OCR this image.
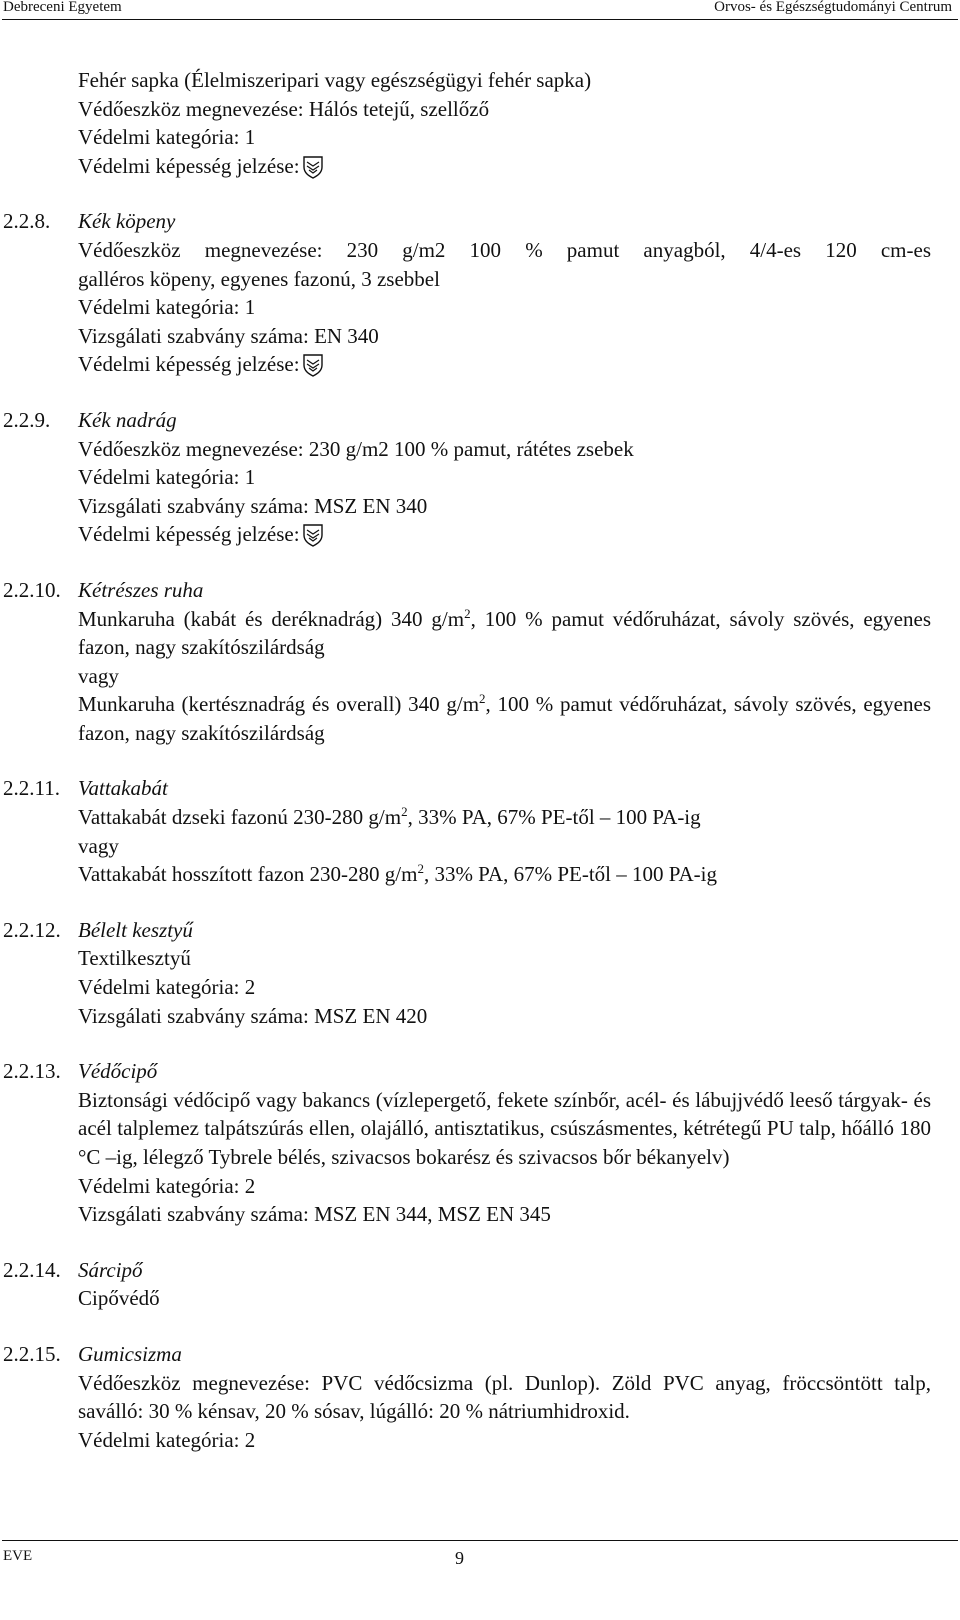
Debreceni Egyetem	Orvos- és Egészségtudományi Centrum
Fehér sapka (Élelmiszeripari vagy egészségügyi fehér sapka)
Védőeszköz megnevezése: Hálós tetejű, szellőző
Védelmi kategória: 1
Védelmi képesség jelzése:
2.2.8.	Kék köpeny
Védőeszköz megnevezése: 230 g/m2 100 % pamut anyagból, 4/4-es 120 cm-es
galléros köpeny, egyenes fazonú, 3 zsebbel
Védelmi kategória: 1
Vizsgálati szabvány száma: EN 340
Védelmi képesség jelzése:
2.2.9.	Kék nadrág
Védőeszköz megnevezése: 230 g/m2 100 % pamut, rátétes zsebek
Védelmi kategória: 1
Vizsgálati szabvány száma: MSZ EN 340
Védelmi képesség jelzése:
2.2.10. Kétrészes ruha
Munkaruha (kabát és deréknadrág) 340 $g/m^2$, 100 % pamut védőruházat, sávoly szövés, egyenes fazon, nagy szakítószilárdság
vagy
Munkaruha (kertésznadrág és overall) 340 $g/m^2$, 100 % pamut védőruházat, sávoly szövés, egyenes fazon, nagy szakítószilárdság
2.2.11. Vattakabát
Vattakabát dzseki fazonú 230-280 $g/m^2$, 33% PA, 67% PE-től – 100 PA-ig
vagy
Vattakabát hosszított fazon 230-280 $g/m^2$, 33% PA, 67% PE-től – 100 PA-ig
2.2.12. Bélelt kesztyű
Textilkesztyű
Védelmi kategória: 2
Vizsgálati szabvány száma: MSZ EN 420
2.2.13. Védőcipő
Biztonsági védőcipő vagy bakancs (vízlepergető, fekete színbőr, acél- és lábujjvédő leeső tárgyak- és acél talplemez talpátszúrás ellen, olajálló, antisztatikus, csúszásmentes, kétrétegű PU talp, hőálló 180 °C –ig, lélegző Tybrele bélés, szivacsos bokarész és szivacsos bőr békanyelv)
Védelmi kategória: 2
Vizsgálati szabvány száma: MSZ EN 344, MSZ EN 345
2.2.14. Sárcipő
Cipővédő
2.2.15. Gumicsizma
Védőeszköz megnevezése: PVC védőcsizma (pl. Dunlop). Zöld PVC anyag, fröccsöntött talp, saválló: 30 % kénsav, 20 % sósav, lúgálló: 20 % nátriumhidroxid.
Védelmi kategória: 2
EVE	9
